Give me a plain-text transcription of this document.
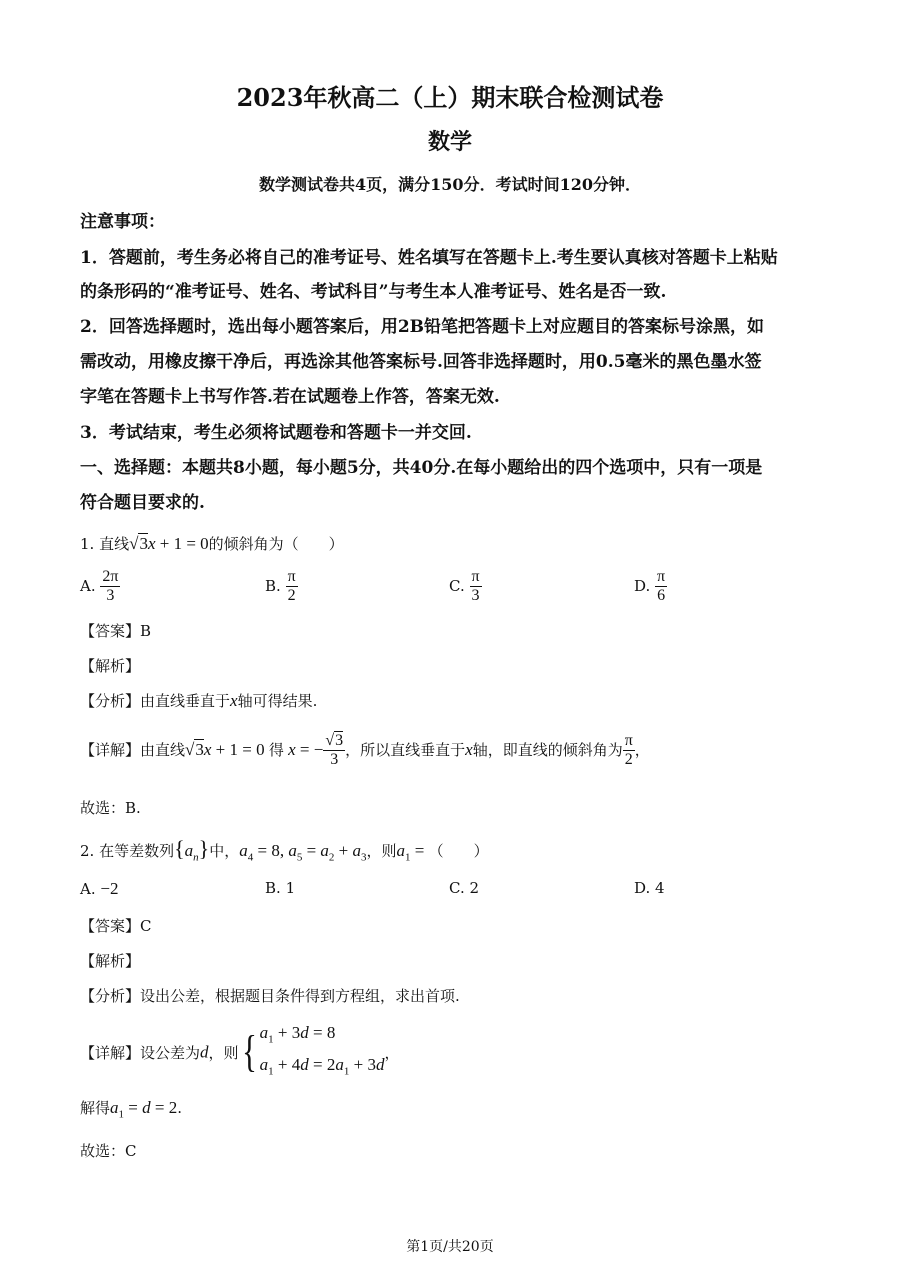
2023年秋高二（上）期末联合检测试卷
数学
数学测试卷共4页，满分150分．考试时间120分钟．
注意事项：
1．答题前，考生务必将自己的准考证号、姓名填写在答题卡上.考生要认真核对答题卡上粘贴
的条形码的“准考证号、姓名、考试科目”与考生本人准考证号、姓名是否一致.
2．回答选择题时，选出每小题答案后，用2B铅笔把答题卡上对应题目的答案标号涂黑，如
需改动，用橡皮擦干净后，再选涂其他答案标号.回答非选择题时，用0.5毫米的黑色墨水签
字笔在答题卡上书写作答.若在试题卷上作答，答案无效.
3．考试结束，考生必须将试题卷和答题卡一并交回.
一、选择题：本题共8小题，每小题5分，共40分.在每小题给出的四个选项中，只有一项是
符合题目要求的.
1. 直线√3x + 1 = 0的倾斜角为（　　）
A. $\frac{2\pi}{3}$	B. $\frac{\pi}{2}$	C. $\frac{\pi}{3}$	D. $\frac{\pi}{6}$
【答案】B
【解析】
【分析】由直线垂直于x轴可得结果.
【详解】由直线√3x + 1 = 0 得 x = − $\frac{√3}{3}$ ，所以直线垂直于x轴，即直线的倾斜角为 $\frac{\pi}{2}$ ，
故选：B.
2. 在等差数列$\{a_n\}$中，$a_4 = 8$, $a_5 = a_2 + a_3$，则$a_1$ = （　　）
A. −2	B. 1	C. 2	D. 4
【答案】C
【解析】
【分析】设出公差，根据题目条件得到方程组，求出首项.
【详解】设公差为d，则{ $a_1 + 3d = 8$
$a_1 + 4d = 2a_1 + 3d$
，
解得$a_1 = d = 2$.
故选：C
第1页/共20页
